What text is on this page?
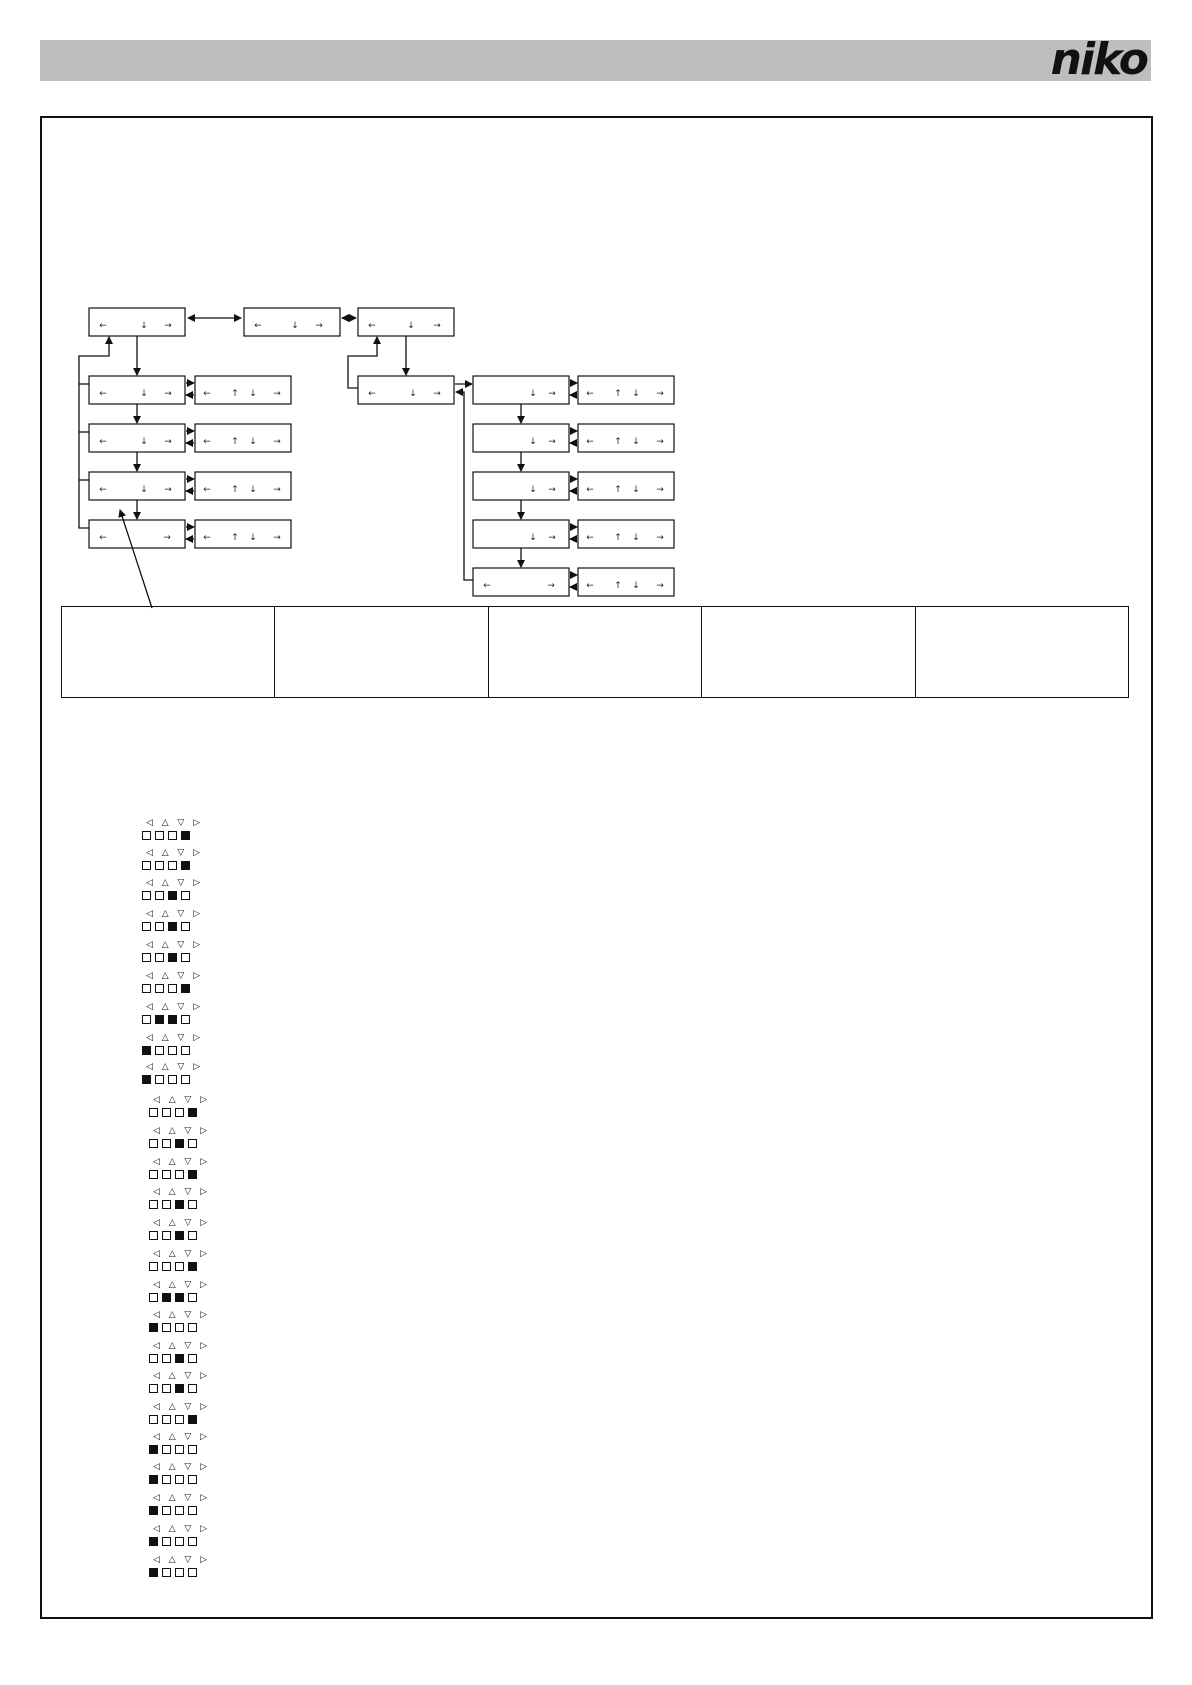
niko
←	↓ →	←	↓ →	←	↓ →
←	↓ →	← ↑ ↓ →
←	↓ →	← ↑ ↓ →
←	↓ →	← ↑ ↓ →
←	→	← ↑ ↓ →
←	↓ →	↓ →	← ↑ ↓ →
↓ →	← ↑ ↓ →
↓ →	← ↑ ↓ →
↓ →	← ↑ ↓ →
←	→	← ↑ ↓ →
◁ △ ▽ ▷
◁ △ ▽ ▷
◁ △ ▽ ▷
◁ △ ▽ ▷
◁ △ ▽ ▷
◁ △ ▽ ▷
◁ △ ▽ ▷
◁ △ ▽ ▷
◁ △ ▽ ▷
◁ △ ▽ ▷
◁ △ ▽ ▷
◁ △ ▽ ▷
◁ △ ▽ ▷
◁ △ ▽ ▷
◁ △ ▽ ▷
◁ △ ▽ ▷
◁ △ ▽ ▷
◁ △ ▽ ▷
◁ △ ▽ ▷
◁ △ ▽ ▷
◁ △ ▽ ▷
◁ △ ▽ ▷
◁ △ ▽ ▷
◁ △ ▽ ▷
◁ △ ▽ ▷
